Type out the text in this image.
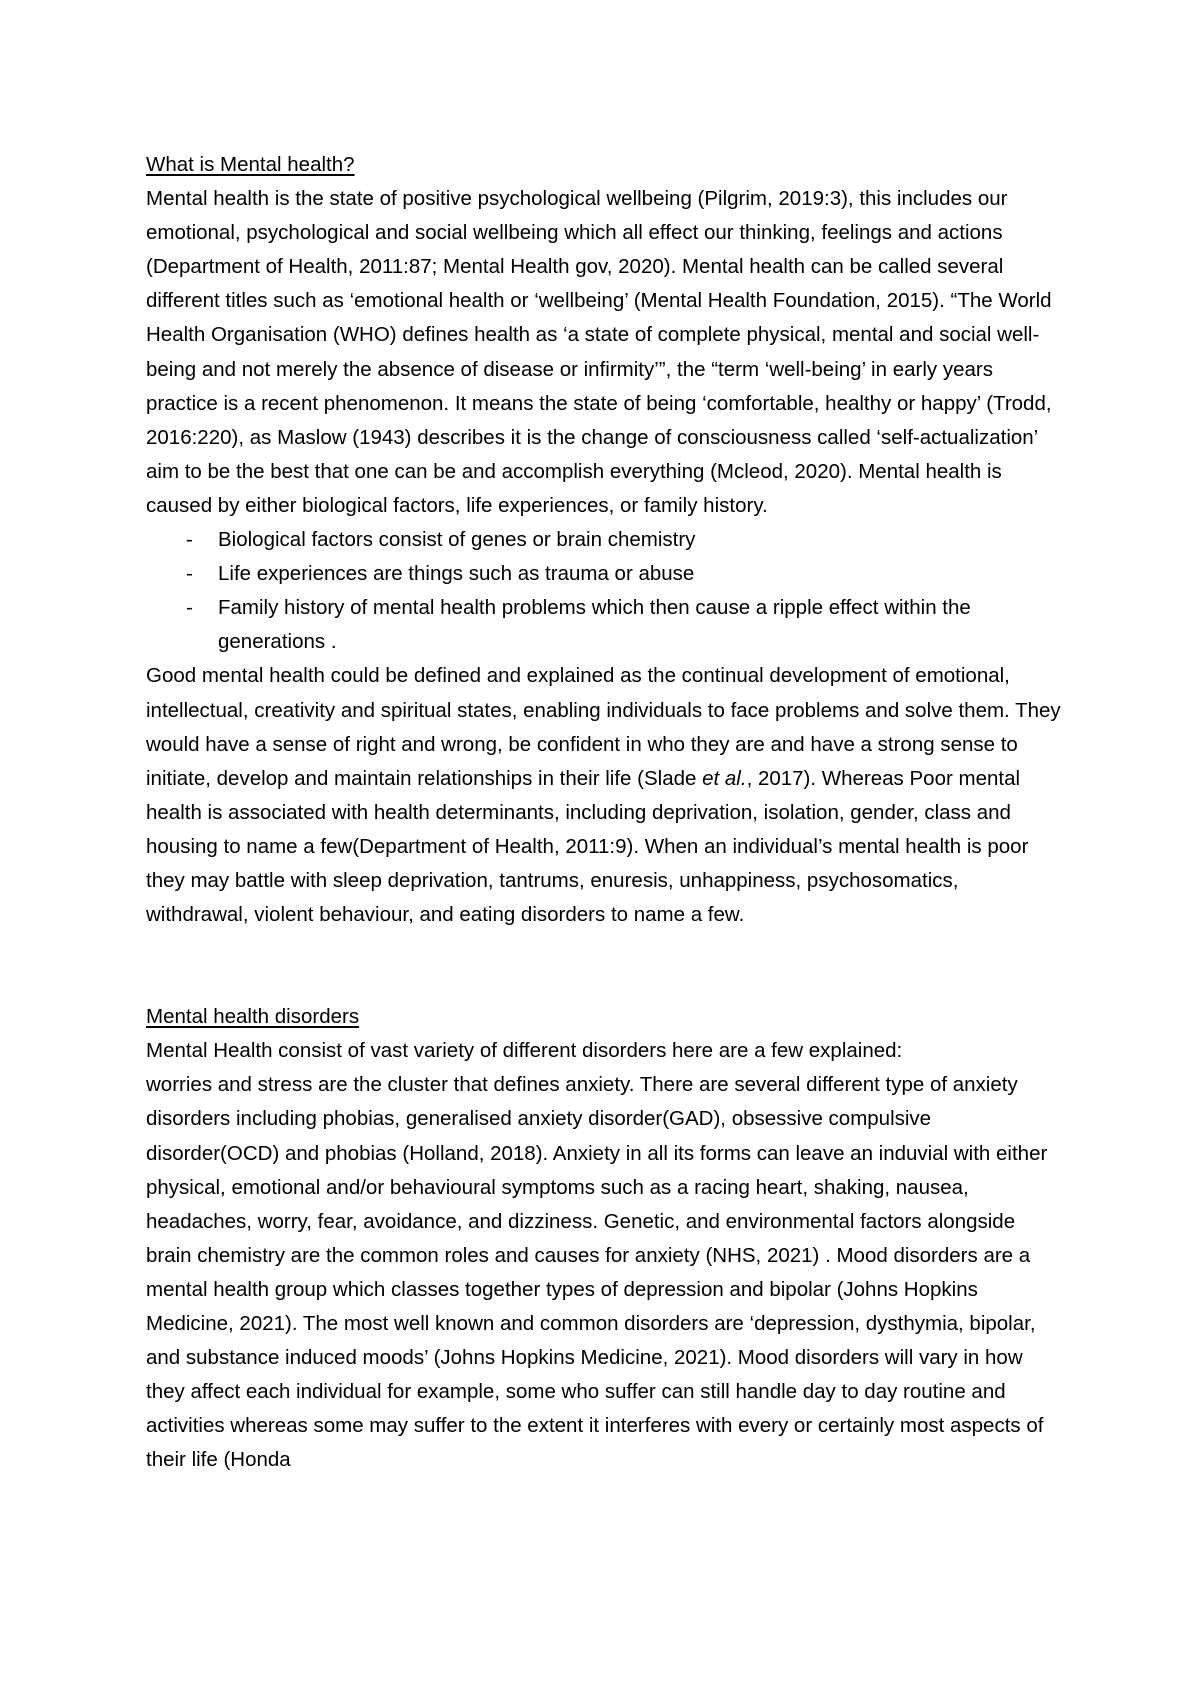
What is Mental health?

Mental health is the state of positive psychological wellbeing (Pilgrim, 2019:3), this includes our emotional, psychological and social wellbeing which all effect our thinking, feelings and actions (Department of Health, 2011:87; Mental Health gov, 2020). Mental health can be called several different titles such as ‘emotional health or ‘wellbeing’ (Mental Health Foundation, 2015). “The World Health Organisation (WHO) defines health as ‘a state of complete physical, mental and social well-being and not merely the absence of disease or infirmity’”, the “term ‘well-being’ in early years practice is a recent phenomenon. It means the state of being ‘comfortable, healthy or happy’ (Trodd, 2016:220), as Maslow (1943) describes it is the change of consciousness called ‘self-actualization’ aim to be the best that one can be and accomplish everything (Mcleod, 2020). Mental health is caused by either biological factors, life experiences, or family history.

- Biological factors consist of genes or brain chemistry
- Life experiences are things such as trauma or abuse
- Family history of mental health problems which then cause a ripple effect within the generations .

Good mental health could be defined and explained as the continual development of emotional, intellectual, creativity and spiritual states, enabling individuals to face problems and solve them. They would have a sense of right and wrong, be confident in who they are and have a strong sense to initiate, develop and maintain relationships in their life (Slade et al., 2017). Whereas Poor mental health is associated with health determinants, including deprivation, isolation, gender, class and housing to name a few(Department of Health, 2011:9). When an individual’s mental health is poor they may battle with sleep deprivation, tantrums, enuresis, unhappiness, psychosomatics, withdrawal, violent behaviour, and eating disorders to name a few.

Mental health disorders

Mental Health consist of vast variety of different disorders here are a few explained:

worries and stress are the cluster that defines anxiety. There are several different type of anxiety disorders including phobias, generalised anxiety disorder(GAD), obsessive compulsive disorder(OCD) and phobias (Holland, 2018). Anxiety in all its forms can leave an induvial with either physical, emotional and/or behavioural symptoms such as a racing heart, shaking, nausea, headaches, worry, fear, avoidance, and dizziness. Genetic, and environmental factors alongside brain chemistry are the common roles and causes for anxiety (NHS, 2021) . Mood disorders are a mental health group which classes together types of depression and bipolar (Johns Hopkins Medicine, 2021). The most well known and common disorders are ‘depression, dysthymia, bipolar, and substance induced moods’ (Johns Hopkins Medicine, 2021). Mood disorders will vary in how they affect each individual for example, some who suffer can still handle day to day routine and activities whereas some may suffer to the extent it interferes with every or certainly most aspects of their life (Honda
